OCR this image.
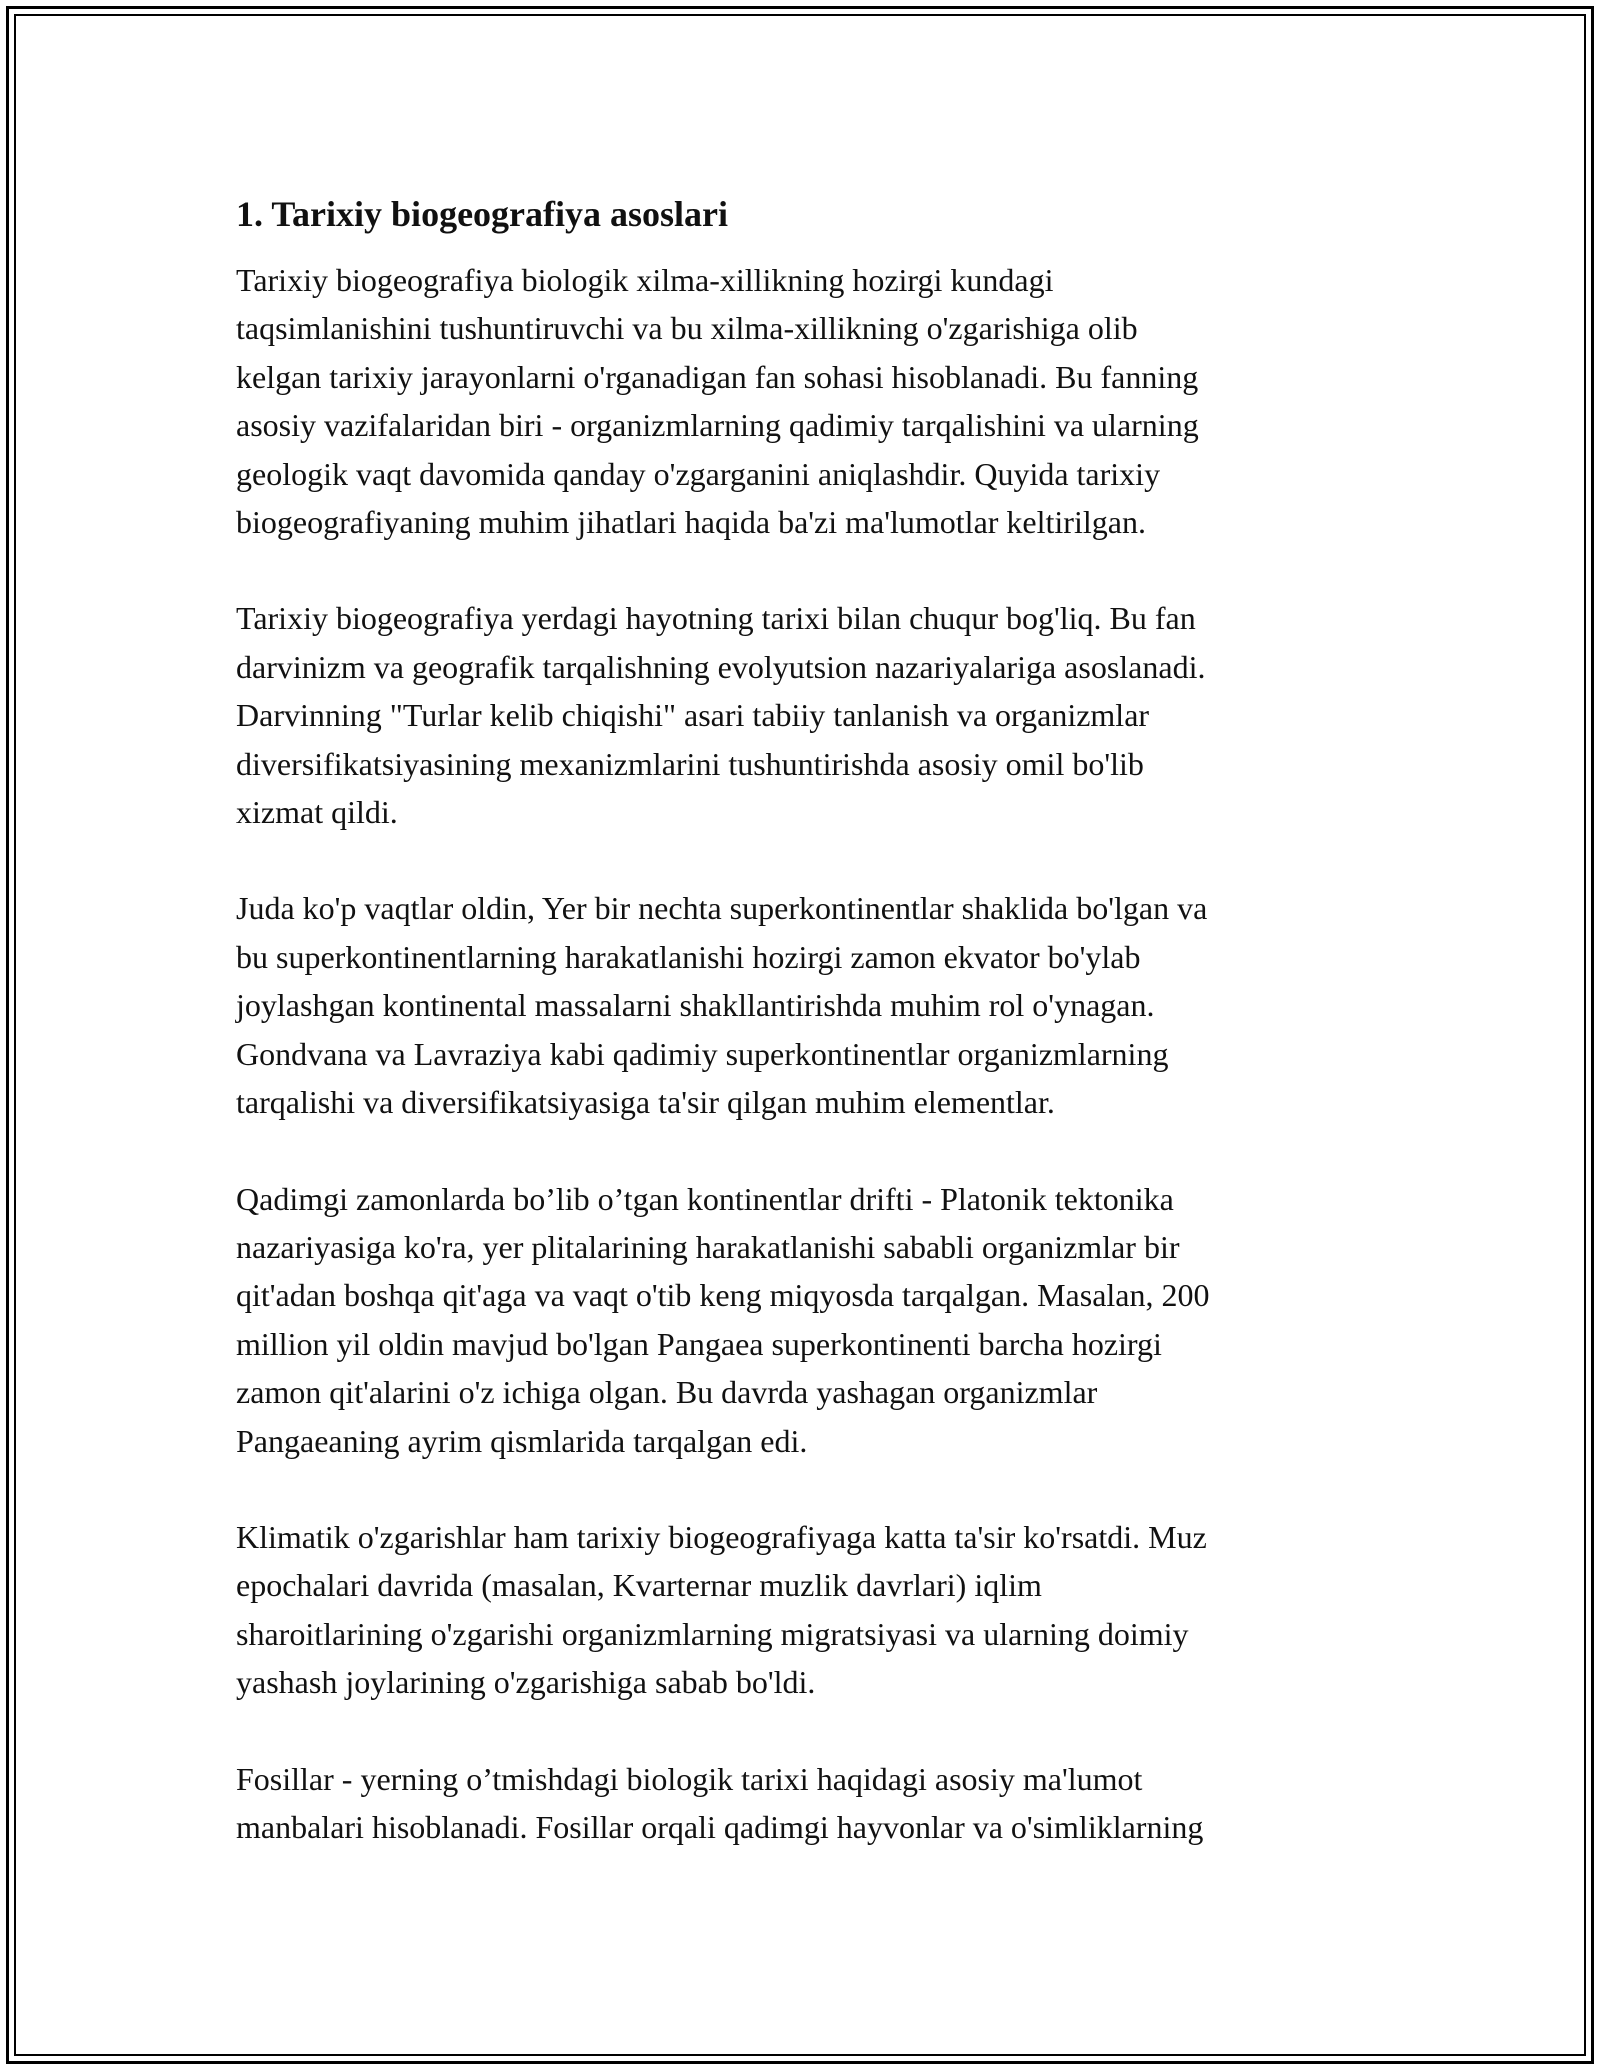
1. Tarixiy biogeografiya asoslari

Tarixiy biogeografiya biologik xilma-xillikning hozirgi kundagi
taqsimlanishini tushuntiruvchi va bu xilma-xillikning o'zgarishiga olib
kelgan tarixiy jarayonlarni o'rganadigan fan sohasi hisoblanadi. Bu fanning
asosiy vazifalaridan biri - organizmlarning qadimiy tarqalishini va ularning
geologik vaqt davomida qanday o'zgarganini aniqlashdir. Quyida tarixiy
biogeografiyaning muhim jihatlari haqida ba'zi ma'lumotlar keltirilgan.

Tarixiy biogeografiya yerdagi hayotning tarixi bilan chuqur bog'liq. Bu fan
darvinizm va geografik tarqalishning evolyutsion nazariyalariga asoslanadi.
Darvinning "Turlar kelib chiqishi" asari tabiiy tanlanish va organizmlar
diversifikatsiyasining mexanizmlarini tushuntirishda asosiy omil bo'lib
xizmat qildi.

Juda ko'p vaqtlar oldin, Yer bir nechta superkontinentlar shaklida bo'lgan va
bu superkontinentlarning harakatlanishi hozirgi zamon ekvator bo'ylab
joylashgan kontinental massalarni shakllantirishda muhim rol o'ynagan.
Gondvana va Lavraziya kabi qadimiy superkontinentlar organizmlarning
tarqalishi va diversifikatsiyasiga ta'sir qilgan muhim elementlar.

Qadimgi zamonlarda bo’lib o’tgan kontinentlar drifti - Platonik tektonika
nazariyasiga ko'ra, yer plitalarining harakatlanishi sababli organizmlar bir
qit'adan boshqa qit'aga va vaqt o'tib keng miqyosda tarqalgan. Masalan, 200
million yil oldin mavjud bo'lgan Pangaea superkontinenti barcha hozirgi
zamon qit'alarini o'z ichiga olgan. Bu davrda yashagan organizmlar
Pangaeaning ayrim qismlarida tarqalgan edi.

Klimatik o'zgarishlar ham tarixiy biogeografiyaga katta ta'sir ko'rsatdi. Muz
epochalari davrida (masalan, Kvarternar muzlik davrlari) iqlim
sharoitlarining o'zgarishi organizmlarning migratsiyasi va ularning doimiy
yashash joylarining o'zgarishiga sabab bo'ldi.

Fosillar - yerning o’tmishdagi biologik tarixi haqidagi asosiy ma'lumot
manbalari hisoblanadi. Fosillar orqali qadimgi hayvonlar va o'simliklarning
